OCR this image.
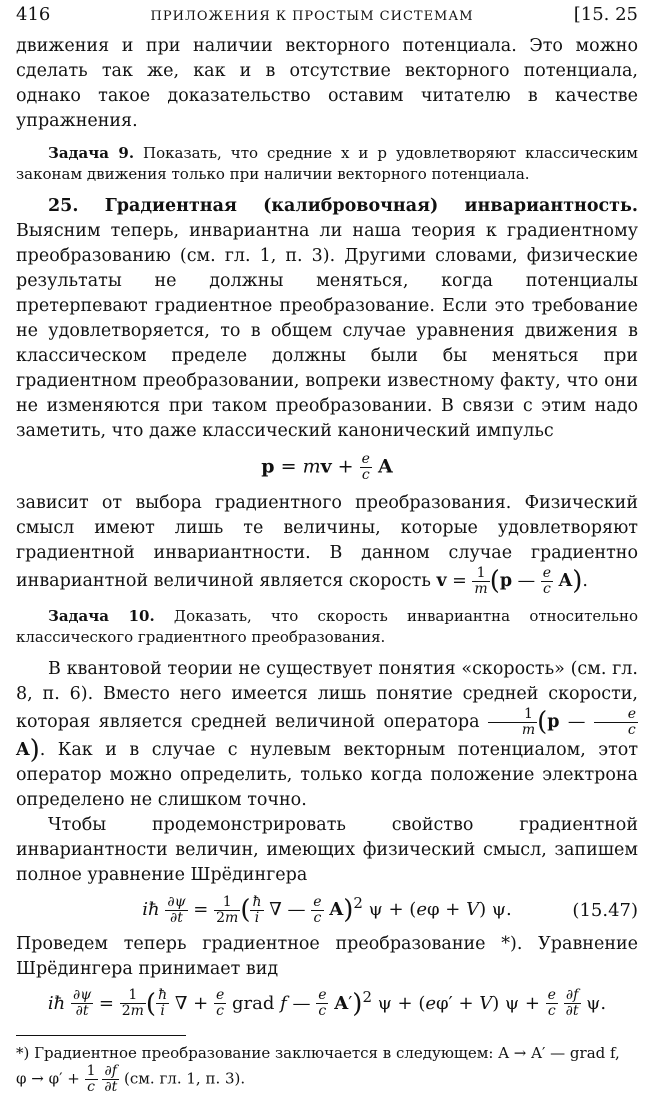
416	ПРИЛОЖЕНИЯ К ПРОСТЫМ СИСТЕМАМ	[15. 25

движения и при наличии векторного потенциала. Это можно сделать так же, как и в отсутствие векторного потенциала, однако такое доказательство оставим читателю в качестве упражнения.

Задача 9. Показать, что средние x и p удовлетворяют классическим законам движения только при наличии векторного потенциала.

25. Градиентная (калибровочная) инвариантность. Выясним теперь, инвариантна ли наша теория к градиентному преобразованию (см. гл. 1, п. 3). Другими словами, физические результаты не должны меняться, когда потенциалы претерпевают градиентное преобразование. Если это требование не удовлетворяется, то в общем случае уравнения движения в классическом пределе должны были бы меняться при градиентном преобразовании, вопреки известному факту, что они не изменяются при таком преобразовании. В связи с этим надо заметить, что даже классический канонический импульс

p = mv + $\frac{e}{c}$ A

зависит от выбора градиентного преобразования. Физический смысл имеют лишь те величины, которые удовлетворяют градиентной инвариантности. В данном случае градиентно инвариантной величиной является скорость $v = \frac{1}{m} (p$ — $\frac{e}{c} A$).

Задача 10. Доказать, что скорость инвариантна относительно классического градиентного преобразования.

В квантовой теории не существует понятия «скорость» (см. гл. 8, п. 6). Вместо него имеется лишь понятие средней скорости, которая является средней величиной оператора $\frac{1}{m} (p$ — $\frac{e}{c}$
A). Как и в случае с нулевым векторным потенциалом, этот оператор можно определить, только когда положение электрона определено не слишком точно.

Чтобы продемонстрировать свойство градиентной инвариантности величин, имеющих физический смысл, запишем полное уравнение Шрёдингера

iħ $\frac{\partial\psi}{\partial t} = \frac{1}{2m}$ ( $\frac{ħ}{i}$ ∇ — $\frac{e}{c} A)^2$ ψ + (eφ + V) ψ.	(15.47)

Проведем теперь градиентное преобразование *). Уравнение Шрёдингера принимает вид

iħ $\frac{\partial\psi}{\partial t} = \frac{1}{2m}$ ( $\frac{ħ}{i}$ ∇ + $\frac{e}{c}$ grad f — $\frac{e}{c} A')^2$ ψ + (eφ′ + V) $\psi + \frac{e}{c}$
$\frac{\partial f}{\partial t} \psi$.
*) Градиентное преобразование заключается в следующем: A → A′ — grad f,
$\varphi \to \varphi' + \frac{1}{c}$
$\frac{\partial f}{\partial t} (см$. гл. 1, п. 3).
